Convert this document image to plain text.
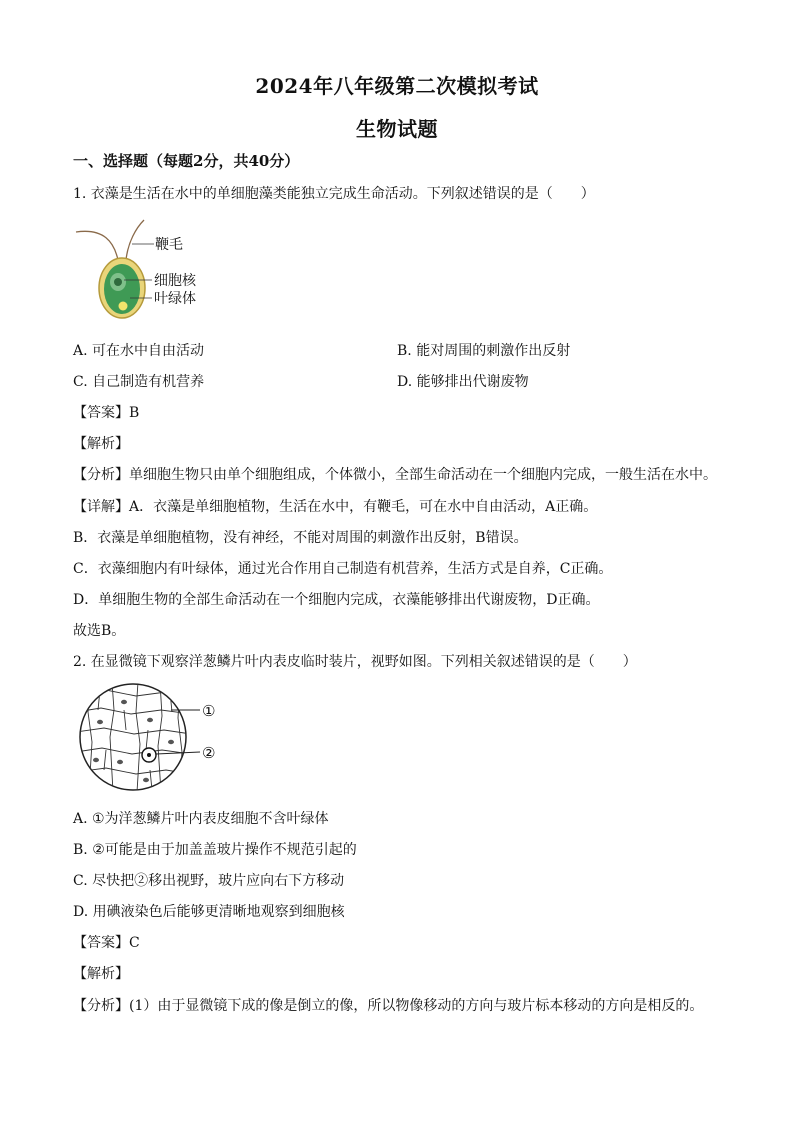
2024年八年级第二次模拟考试
生物试题
一、选择题（每题2分，共40分）
1. 衣藻是生活在水中的单细胞藻类能独立完成生命活动。下列叙述错误的是（　　）
鞭毛
细胞核
叶绿体
A. 可在水中自由活动	B. 能对周围的刺激作出反射
C. 自己制造有机营养	D. 能够排出代谢废物
【答案】B
【解析】
【分析】单细胞生物只由单个细胞组成，个体微小，全部生命活动在一个细胞内完成，一般生活在水中。
【详解】A．衣藻是单细胞植物，生活在水中，有鞭毛，可在水中自由活动，A正确。
B．衣藻是单细胞植物，没有神经，不能对周围的刺激作出反射，B错误。
C．衣藻细胞内有叶绿体，通过光合作用自己制造有机营养，生活方式是自养，C正确。
D．单细胞生物的全部生命活动在一个细胞内完成，衣藻能够排出代谢废物，D正确。
故选B。
2. 在显微镜下观察洋葱鳞片叶内表皮临时装片，视野如图。下列相关叙述错误的是（　　）
①
②
A. ①为洋葱鳞片叶内表皮细胞不含叶绿体
B. ②可能是由于加盖盖玻片操作不规范引起的
C. 尽快把②移出视野，玻片应向右下方移动
D. 用碘液染色后能够更清晰地观察到细胞核
【答案】C
【解析】
【分析】(1）由于显微镜下成的像是倒立的像，所以物像移动的方向与玻片标本移动的方向是相反的。
